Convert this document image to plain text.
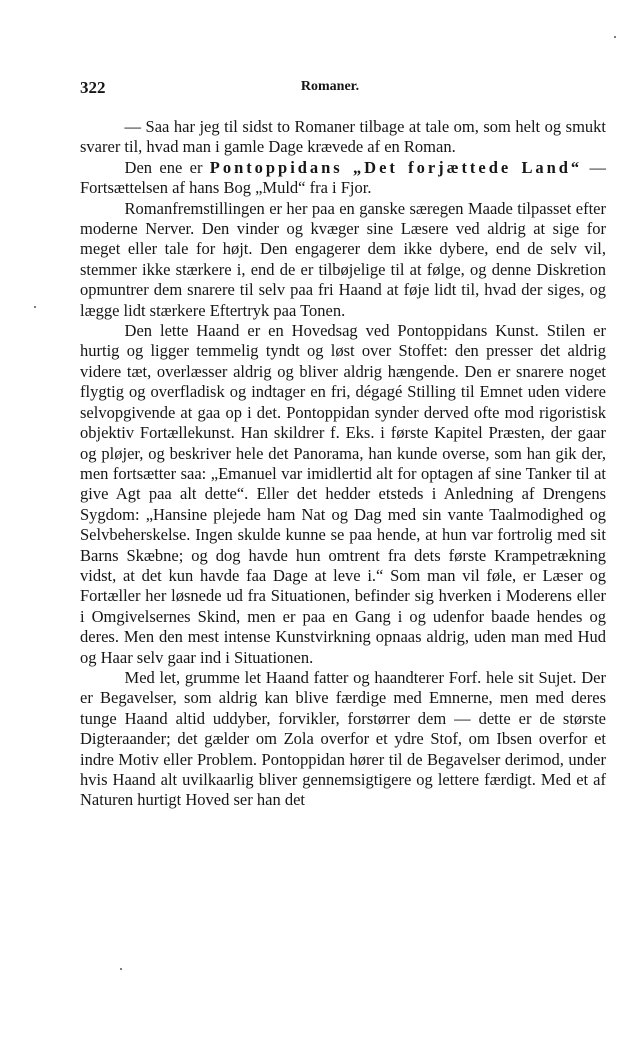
322	Romaner.

— Saa har jeg til sidst to Romaner tilbage at tale om, som helt og smukt svarer til, hvad man i gamle Dage krævede af en Roman.

Den ene er Pontoppidans „Det forjættede Land“ — Fortsættelsen af hans Bog „Muld“ fra i Fjor.

Romanfremstillingen er her paa en ganske særegen Maade tilpasset efter moderne Nerver. Den vinder og kvæger sine Læsere ved aldrig at sige for meget eller tale for højt. Den engagerer dem ikke dybere, end de selv vil, stemmer ikke stærkere i, end de er tilbøjelige til at følge, og denne Diskretion opmuntrer dem snarere til selv paa fri Haand at føje lidt til, hvad der siges, og lægge lidt stærkere Eftertryk paa Tonen.

Den lette Haand er en Hovedsag ved Pontoppidans Kunst. Stilen er hurtig og ligger temmelig tyndt og løst over Stoffet: den presser det aldrig videre tæt, overlæsser aldrig og bliver aldrig hængende. Den er snarere noget flygtig og overfladisk og indtager en fri, dégagé Stilling til Emnet uden videre selvopgivende at gaa op i det. Pontoppidan synder derved ofte mod rigoristisk objektiv Fortællekunst. Han skildrer f. Eks. i første Kapitel Præsten, der gaar og pløjer, og beskriver hele det Panorama, han kunde overse, som han gik der, men fortsætter saa: „Emanuel var imidlertid alt for optagen af sine Tanker til at give Agt paa alt dette“. Eller det hedder etsteds i Anledning af Drengens Sygdom: „Hansine plejede ham Nat og Dag med sin vante Taalmodighed og Selvbeherskelse. Ingen skulde kunne se paa hende, at hun var fortrolig med sit Barns Skæbne; og dog havde hun omtrent fra dets første Krampetrækning vidst, at det kun havde faa Dage at leve i.“ Som man vil føle, er Læser og Fortæller her løsnede ud fra Situationen, befinder sig hverken i Moderens eller i Omgivelsernes Skind, men er paa en Gang i og udenfor baade hendes og deres. Men den mest intense Kunstvirkning opnaas aldrig, uden man med Hud og Haar selv gaar ind i Situationen.

Med let, grumme let Haand fatter og haandterer Forf. hele sit Sujet. Der er Begavelser, som aldrig kan blive færdige med Emnerne, men med deres tunge Haand altid uddyber, forvikler, forstørrer dem — dette er de største Digteraander; det gælder om Zola overfor et ydre Stof, om Ibsen overfor et indre Motiv eller Problem. Pontoppidan hører til de Begavelser derimod, under hvis Haand alt uvilkaarlig bliver gennemsigtigere og lettere færdigt. Med et af Naturen hurtigt Hoved ser han det
